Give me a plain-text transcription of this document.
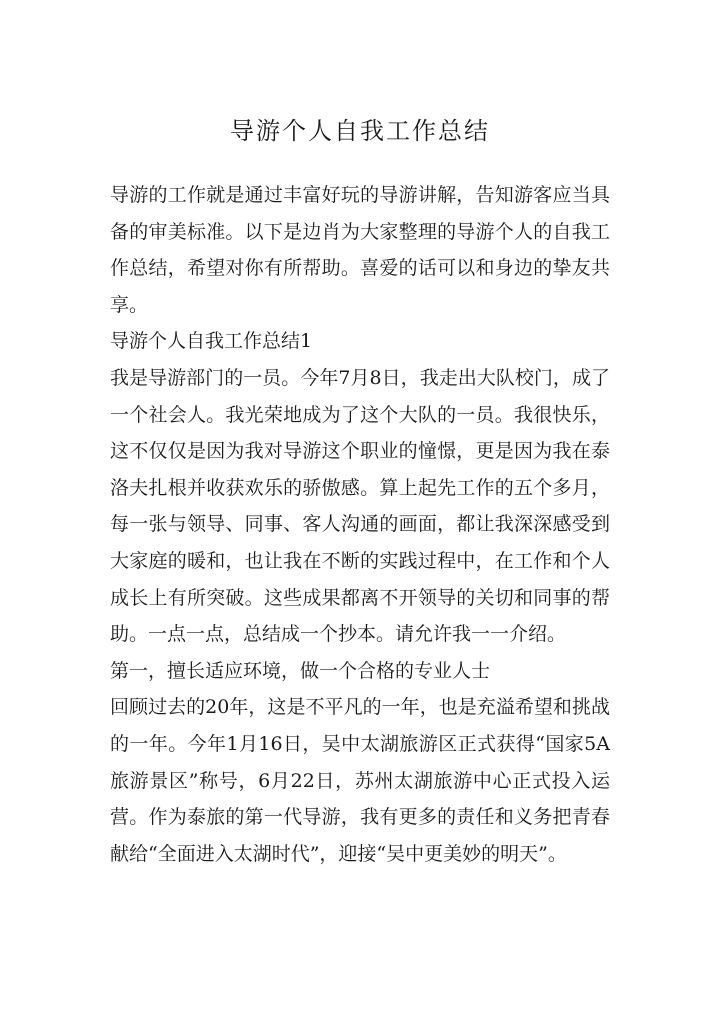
导游个人自我工作总结

导游的工作就是通过丰富好玩的导游讲解，告知游客应当具备的审美标准。以下是边肖为大家整理的导游个人的自我工作总结，希望对你有所帮助。喜爱的话可以和身边的挚友共享。

导游个人自我工作总结1

我是导游部门的一员。今年7月8日，我走出大队校门，成了一个社会人。我光荣地成为了这个大队的一员。我很快乐，这不仅仅是因为我对导游这个职业的憧憬，更是因为我在泰洛夫扎根并收获欢乐的骄傲感。算上起先工作的五个多月，每一张与领导、同事、客人沟通的画面，都让我深深感受到大家庭的暖和，也让我在不断的实践过程中，在工作和个人成长上有所突破。这些成果都离不开领导的关切和同事的帮助。一点一点，总结成一个抄本。请允许我一一介绍。

第一，擅长适应环境，做一个合格的专业人士

回顾过去的20年，这是不平凡的一年，也是充溢希望和挑战的一年。今年1月16日，吴中太湖旅游区正式获得“国家5A旅游景区”称号，6月22日，苏州太湖旅游中心正式投入运营。作为泰旅的第一代导游，我有更多的责任和义务把青春献给“全面进入太湖时代”，迎接“吴中更美妙的明天”。
